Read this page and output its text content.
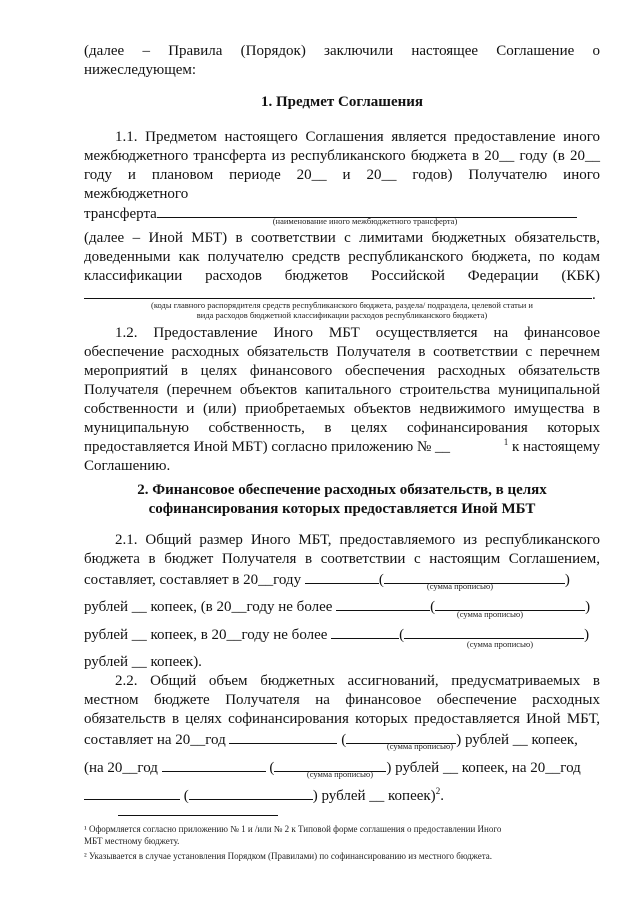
(далее – Правила (Порядок) заключили настоящее Соглашение о
нижеследующем:
1. Предмет Соглашения
1.1. Предметом настоящего Соглашения является предоставление иного
межбюджетного трансферта из республиканского бюджета в 20__ году (в 20__
году и плановом периоде 20__ и 20__ годов) Получателю иного
межбюджетного
трансферта	(наименование иного межбюджетного трансферта)
(далее – Иной МБТ) в соответствии с лимитами бюджетных обязательств,
доведенными как получателю средств республиканского бюджета, по кодам
классификации расходов бюджетов Российской Федерации (КБК)
.
(коды главного распорядителя средств республиканского бюджета, раздела/ подраздела, целевой статьи и
вида расходов бюджетной классификации расходов республиканского бюджета)
1.2. Предоставление Иного МБТ осуществляется на финансовое
обеспечение расходных обязательств Получателя в соответствии с перечнем
мероприятий в целях финансового обеспечения расходных обязательств
Получателя (перечнем объектов капитального строительства муниципальной
собственности и (или) приобретаемых объектов недвижимого имущества в
муниципальную собственность, в целях софинансирования которых
предоставляется Иной МБТ) согласно приложению № __	$^1$ к настоящему
Соглашению.
2. Финансовое обеспечение расходных обязательств, в целях
софинансирования которых предоставляется Иной МБТ
2.1. Общий размер Иного МБТ, предоставляемого из республиканского
бюджета в бюджет Получателя в соответствии с настоящим Соглашением,
составляет, составляет в 20__году	(	)
(сумма прописью)
рублей __ копеек, (в 20__году не более	(	)
(сумма прописью)
рублей __ копеек, в 20__году не более	(	)
(сумма прописью)
рублей __ копеек).
2.2. Общий объем бюджетных ассигнований, предусматриваемых в
местном бюджете Получателя на финансовое обеспечение расходных
обязательств в целях софинансирования которых предоставляется Иной МБТ,
составляет на 20__год	(	) рублей __ копеек,
(сумма прописью)
(на 20__год	(	) рублей __ копеек, на 20__год
(сумма прописью)
(	) рублей __ копеек)$^2$.
¹ Оформляется согласно приложению № 1 и /или № 2 к Типовой форме соглашения о предоставлении Иного
МБТ местному бюджету.
² Указывается в случае установления Порядком (Правилами) по софинансированию из местного бюджета.
